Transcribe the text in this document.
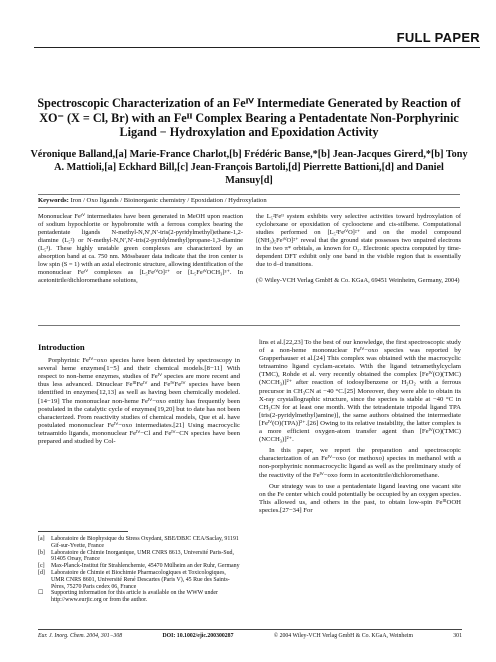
FULL PAPER
Spectroscopic Characterization of an Feᴵⱽ Intermediate Generated by Reaction of XO⁻ (X = Cl, Br) with an Feᴵᴵ Complex Bearing a Pentadentate Non-Porphyrinic Ligand − Hydroxylation and Epoxidation Activity
Véronique Balland,[a] Marie-France Charlot,[b] Frédéric Banse,*[b] Jean-Jacques Girerd,*[b] Tony A. Mattioli,[a] Eckhard Bill,[c] Jean-François Bartoli,[d] Pierrette Battioni,[d] and Daniel Mansuy[d]
Keywords: Iron / Oxo ligands / Bioinorganic chemistry / Epoxidation / Hydroxylation

Mononuclear Feᴵⱽ intermediates have been generated in MeOH upon reaction of sodium hypochlorite or hypobromite with a ferrous complex bearing the pentadentate ligands N-methyl-N,N′,N′-tris(2-pyridylmethyl)ethane-1,2-diamine (L₅²) or N-methyl-N,N′,N′-tris(2-pyridylmethyl)propane-1,3-diamine (L₅³). These highly unstable green complexes are characterized by an absorption band at ca. 750 nm. Mössbauer data indicate that the iron center is low spin (S = 1) with an axial electronic structure, allowing identification of the mononuclear Feᴵⱽ complexes as [L₅FeᴵⱽO]²⁺ or [L₅FeᴵⱽOCH₃]³⁺. In acetonitrile/dichloromethane solutions,

the L₅²Feᴵᴵ system exhibits very selective activities toward hydroxylation of cyclohexane or epoxidation of cyclooctene and cis-stilbene. Computational studies performed on [L₅²FeᴵⱽO]²⁺ and on the model compound [(NH₃)₅FeᴵⱽO]²⁺ reveal that the ground state possesses two unpaired electrons in the two π* orbitals, as known for O₂. Electronic spectra computed by time-dependent DFT exhibit only one band in the visible region that is essentially due to d–d transitions.

(© Wiley-VCH Verlag GmbH & Co. KGaA, 69451 Weinheim, Germany, 2004)

Introduction

Porphyrinic Feᴵⱽ−oxo species have been detected by spectroscopy in several heme enzymes[1−5] and their chemical models.[8−11] With respect to non-heme enzymes, studies of Feᴵⱽ species are more recent and thus less advanced. Dinuclear FeᴵᴵᴵFeᴵⱽ and FeᴵⱽFeᴵⱽ species have been identified in enzymes[12,13] as well as having been chemically modeled.[14−19] The mononuclear non-heme Feᴵⱽ−oxo entity has frequently been postulated in the catalytic cycle of enzymes[19,20] but to date has not been characterized. From reactivity studies of chemical models, Que et al. have postulated mononuclear Feᴵⱽ−oxo intermediates.[21] Using macrocyclic tetraamido ligands, mononuclear Feᴵⱽ−Cl and Feᴵⱽ−CN species have been prepared and studied by Col-

lins et al.[22,23] To the best of our knowledge, the first spectroscopic study of a non-heme mononuclear Feᴵⱽ−oxo species was reported by Grapperhauser et al.[24] This complex was obtained with the macrocyclic tetraamino ligand cyclam-acetato. With the ligand tetramethylcyclam (TMC), Rohde et al. very recently obtained the complex [Feᴵⱽ(O)(TMC)(NCCH₃)]²⁺ after reaction of iodosylbenzene or H₂O₂ with a ferrous precursor in CH₃CN at −40 °C.[25] Moreover, they were able to obtain its X-ray crystallographic structure, since the species is stable at −40 °C in CH₃CN for at least one month. With the tetradentate tripodal ligand TPA [tris(2-pyridylmethyl)amine)], the same authors obtained the intermediate [Feᴵⱽ(O)(TPA)]²⁺.[26] Owing to its relative instability, the latter complex is a more efficient oxygen-atom transfer agent than [Feᴵⱽ(O)(TMC)(NCCH₃)]²⁺.

In this paper, we report the preparation and spectroscopic characterization of an Feᴵⱽ−oxo (or methoxo) species in methanol with a non-porphyrinic nonmacrocyclic ligand as well as the preliminary study of the reactivity of the Feᴵⱽ−oxo form in acetonitrile/dichloromethane.

Our strategy was to use a pentadentate ligand leaving one vacant site on the Fe center which could potentially be occupied by an oxygen species. This allowed us, and others in the past, to obtain low-spin FeᴵᴵᴵOOH species.[27−34] For

[a]	Laboratoire de Biophysique du Stress Oxydant, SBE/DBJC CEA/Saclay, 91191 Gif-sur-Yvette, France
[b]	Laboratoire de Chimie Inorganique, UMR CNRS 8613, Université Paris-Sud, 91405 Orsay, France
[c]	Max-Planck-Institut für Strahlenchemie, 45470 Mülheim an der Ruhr, Germany
[d]	Laboratoire de Chimie et Biochimie Pharmacologiques et Toxicologiques, UMR CNRS 8601, Université René Descartes (Paris V), 45 Rue des Saints-Pères, 75270 Paris cedex 06, France
☐	Supporting information for this article is available on the WWW under http://www.eurjic.org or from the author.
Eur. J. Inorg. Chem. 2004, 301−308	DOI: 10.1002/ejic.200300287	© 2004 Wiley-VCH Verlag GmbH & Co. KGaA, Weinheim	301
